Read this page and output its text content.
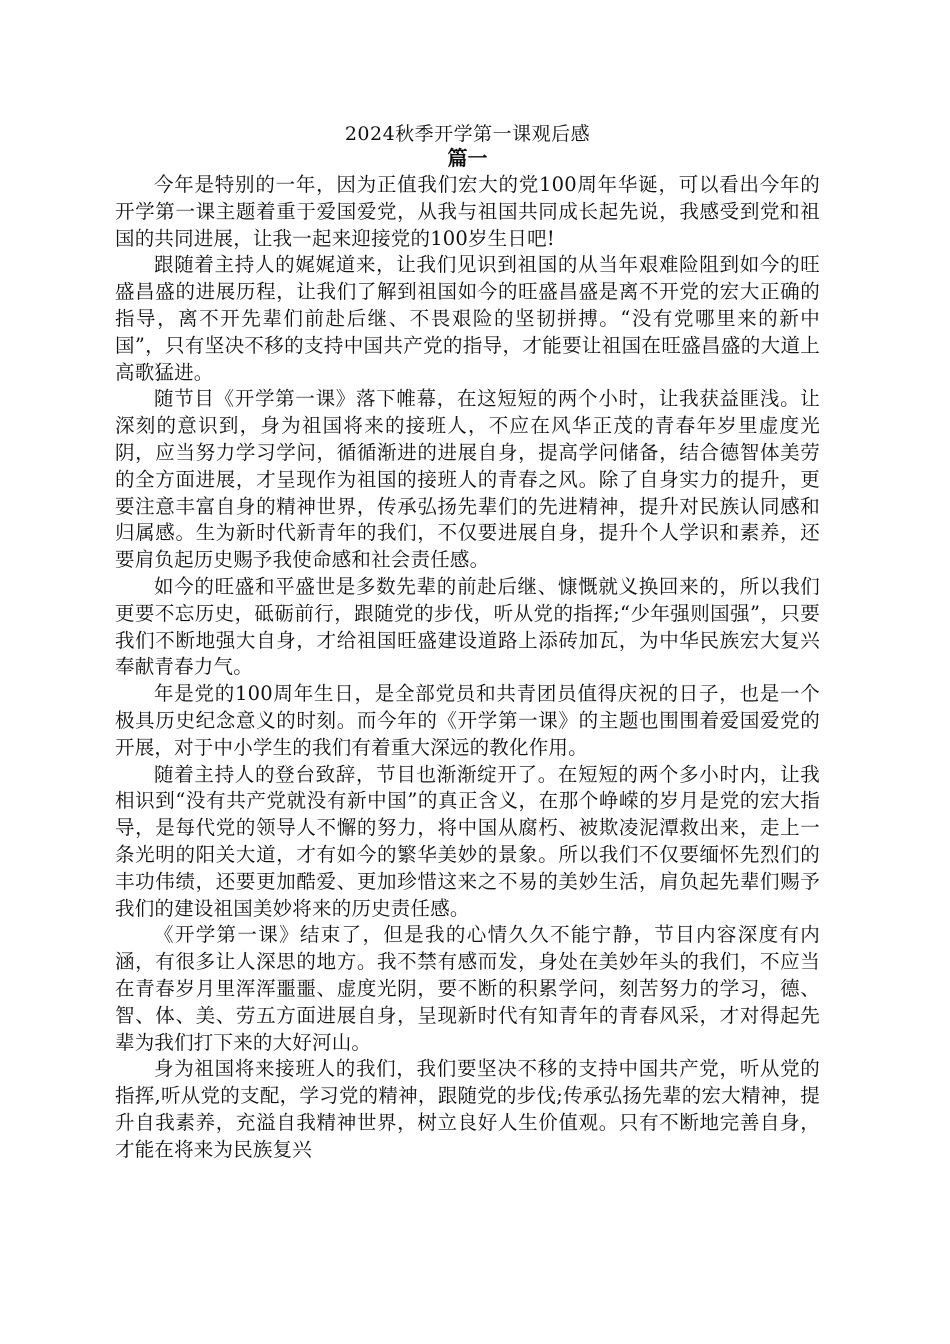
2024秋季开学第一课观后感
篇一

今年是特别的一年，因为正值我们宏大的党100周年华诞，可以看出今年的开学第一课主题着重于爱国爱党，从我与祖国共同成长起先说，我感受到党和祖国的共同进展，让我一起来迎接党的100岁生日吧!

跟随着主持人的娓娓道来，让我们见识到祖国的从当年艰难险阻到如今的旺盛昌盛的进展历程，让我们了解到祖国如今的旺盛昌盛是离不开党的宏大正确的指导，离不开先辈们前赴后继、不畏艰险的坚韧拼搏。“没有党哪里来的新中国”，只有坚决不移的支持中国共产党的指导，才能要让祖国在旺盛昌盛的大道上高歌猛进。

随节目《开学第一课》落下帷幕，在这短短的两个小时，让我获益匪浅。让深刻的意识到，身为祖国将来的接班人，不应在风华正茂的青春年岁里虚度光阴，应当努力学习学问，循循渐进的进展自身，提高学问储备，结合德智体美劳的全方面进展，才呈现作为祖国的接班人的青春之风。除了自身实力的提升，更要注意丰富自身的精神世界，传承弘扬先辈们的先进精神，提升对民族认同感和归属感。生为新时代新青年的我们，不仅要进展自身，提升个人学识和素养，还要肩负起历史赐予我使命感和社会责任感。

如今的旺盛和平盛世是多数先辈的前赴后继、慷慨就义换回来的，所以我们更要不忘历史，砥砺前行，跟随党的步伐，听从党的指挥;“少年强则国强”，只要我们不断地强大自身，才给祖国旺盛建设道路上添砖加瓦，为中华民族宏大复兴奉献青春力气。

年是党的100周年生日，是全部党员和共青团员值得庆祝的日子，也是一个极具历史纪念意义的时刻。而今年的《开学第一课》的主题也围围着爱国爱党的开展，对于中小学生的我们有着重大深远的教化作用。

随着主持人的登台致辞，节目也渐渐绽开了。在短短的两个多小时内，让我相识到“没有共产党就没有新中国”的真正含义，在那个峥嵘的岁月是党的宏大指导，是每代党的领导人不懈的努力，将中国从腐朽、被欺凌泥潭救出来，走上一条光明的阳关大道，才有如今的繁华美妙的景象。所以我们不仅要缅怀先烈们的丰功伟绩，还要更加酷爱、更加珍惜这来之不易的美妙生活，肩负起先辈们赐予我们的建设祖国美妙将来的历史责任感。

《开学第一课》结束了，但是我的心情久久不能宁静，节目内容深度有内涵，有很多让人深思的地方。我不禁有感而发，身处在美妙年头的我们，不应当在青春岁月里浑浑噩噩、虚度光阴，要不断的积累学问，刻苦努力的学习，德、智、体、美、劳五方面进展自身，呈现新时代有知青年的青春风采，才对得起先辈为我们打下来的大好河山。

身为祖国将来接班人的我们，我们要坚决不移的支持中国共产党，听从党的指挥,听从党的支配，学习党的精神，跟随党的步伐;传承弘扬先辈的宏大精神，提升自我素养，充溢自我精神世界，树立良好人生价值观。只有不断地完善自身，才能在将来为民族复兴
